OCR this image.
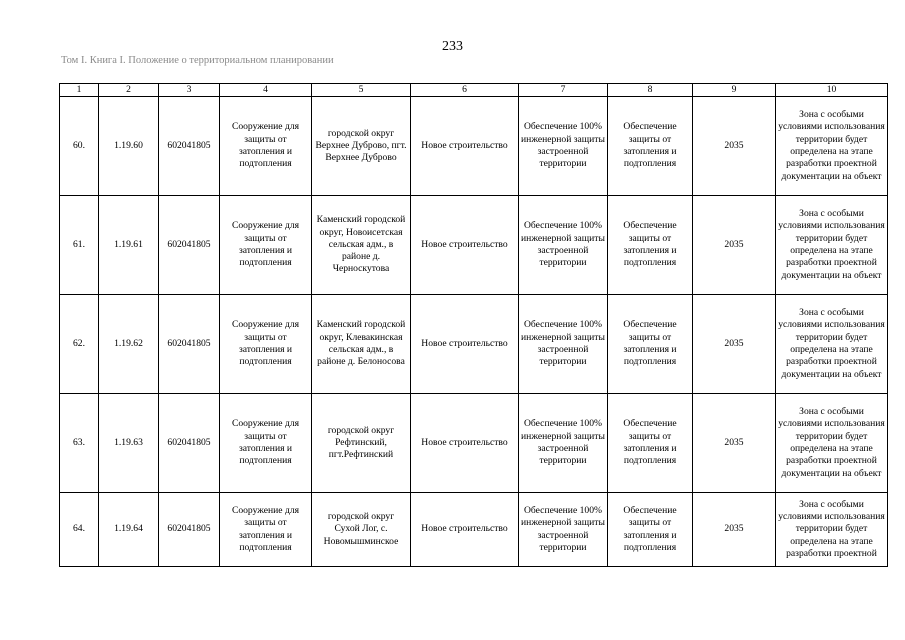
233
Том I. Книга I. Положение о территориальном планировании
1	2	3	4	5	6	7	8	9	10

60.	1.19.60	602041805	Сооружение для защиты от затопления и подтопления	городской округ Верхнее Дуброво, пгт. Верхнее Дуброво	Новое строительство	Обеспечение 100% инженерной защиты застроенной территории	Обеспечение защиты от затопления и подтопления	2035	Зона с особыми условиями использования территории будет определена на этапе разработки проектной документации на объект

61.	1.19.61	602041805	Сооружение для защиты от затопления и подтопления	Каменский городской округ, Новоисетская сельская адм., в районе д. Черноскутова	Новое строительство	Обеспечение 100% инженерной защиты застроенной территории	Обеспечение защиты от затопления и подтопления	2035	Зона с особыми условиями использования территории будет определена на этапе разработки проектной документации на объект

62.	1.19.62	602041805	Сооружение для защиты от затопления и подтопления	Каменский городской округ, Клевакинская сельская адм., в районе д. Белоносова	Новое строительство	Обеспечение 100% инженерной защиты застроенной территории	Обеспечение защиты от затопления и подтопления	2035	Зона с особыми условиями использования территории будет определена на этапе разработки проектной документации на объект

63.	1.19.63	602041805	Сооружение для защиты от затопления и подтопления	городской округ Рефтинский, пгт.Рефтинский	Новое строительство	Обеспечение 100% инженерной защиты застроенной территории	Обеспечение защиты от затопления и подтопления	2035	Зона с особыми условиями использования территории будет определена на этапе разработки проектной документации на объект

64.	1.19.64	602041805	Сооружение для защиты от затопления и подтопления	городской округ Сухой Лог, с. Новомышминское	Новое строительство	Обеспечение 100% инженерной защиты застроенной территории	Обеспечение защиты от затопления и подтопления	2035	Зона с особыми условиями использования территории будет определена на этапе разработки проектной
